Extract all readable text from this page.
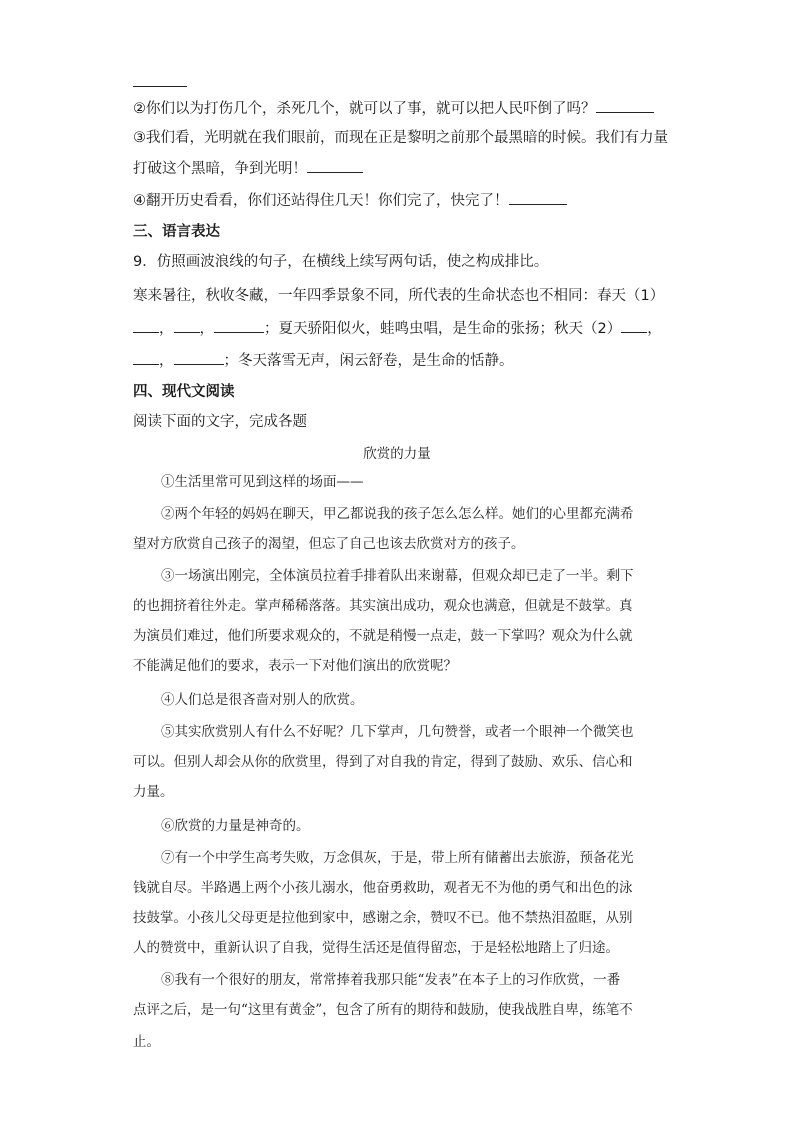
②你们以为打伤几个，杀死几个，就可以了事，就可以把人民吓倒了吗？
③我们看，光明就在我们眼前，而现在正是黎明之前那个最黑暗的时候。我们有力量
打破这个黑暗，争到光明！
④翻开历史看看，你们还站得住几天！你们完了，快完了！
三、语言表达
9．仿照画波浪线的句子，在横线上续写两句话，使之构成排比。
寒来暑往，秋收冬藏，一年四季景象不同，所代表的生命状态也不相同：春天（1）
， ，	；夏天骄阳似火，蛙鸣虫唱，是生命的张扬；秋天（2） ，
，	；冬天落雪无声，闲云舒卷，是生命的恬静。
四、现代文阅读
阅读下面的文字，完成各题
欣赏的力量
①生活里常可见到这样的场面——
②两个年轻的妈妈在聊天，甲乙都说我的孩子怎么怎么样。她们的心里都充满希
望对方欣赏自己孩子的渴望，但忘了自己也该去欣赏对方的孩子。
③一场演出刚完，全体演员拉着手排着队出来谢幕，但观众却已走了一半。剩下
的也拥挤着往外走。掌声稀稀落落。其实演出成功，观众也满意，但就是不鼓掌。真
为演员们难过，他们所要求观众的，不就是稍慢一点走，鼓一下掌吗？观众为什么就
不能满足他们的要求，表示一下对他们演出的欣赏呢？
④人们总是很吝啬对别人的欣赏。
⑤其实欣赏别人有什么不好呢？几下掌声，几句赞誉，或者一个眼神一个微笑也
可以。但别人却会从你的欣赏里，得到了对自我的肯定，得到了鼓励、欢乐、信心和
力量。
⑥欣赏的力量是神奇的。
⑦有一个中学生高考失败，万念俱灰，于是，带上所有储蓄出去旅游，预备花光
钱就自尽。半路遇上两个小孩儿溺水，他奋勇救助，观者无不为他的勇气和出色的泳
技鼓掌。小孩儿父母更是拉他到家中，感谢之余，赞叹不已。他不禁热泪盈眶，从别
人的赞赏中，重新认识了自我，觉得生活还是值得留恋，于是轻松地踏上了归途。
⑧我有一个很好的朋友，常常捧着我那只能“发表”在本子上的习作欣赏，一番
点评之后，是一句“这里有黄金”，包含了所有的期待和鼓励，使我战胜自卑，练笔不
止。
